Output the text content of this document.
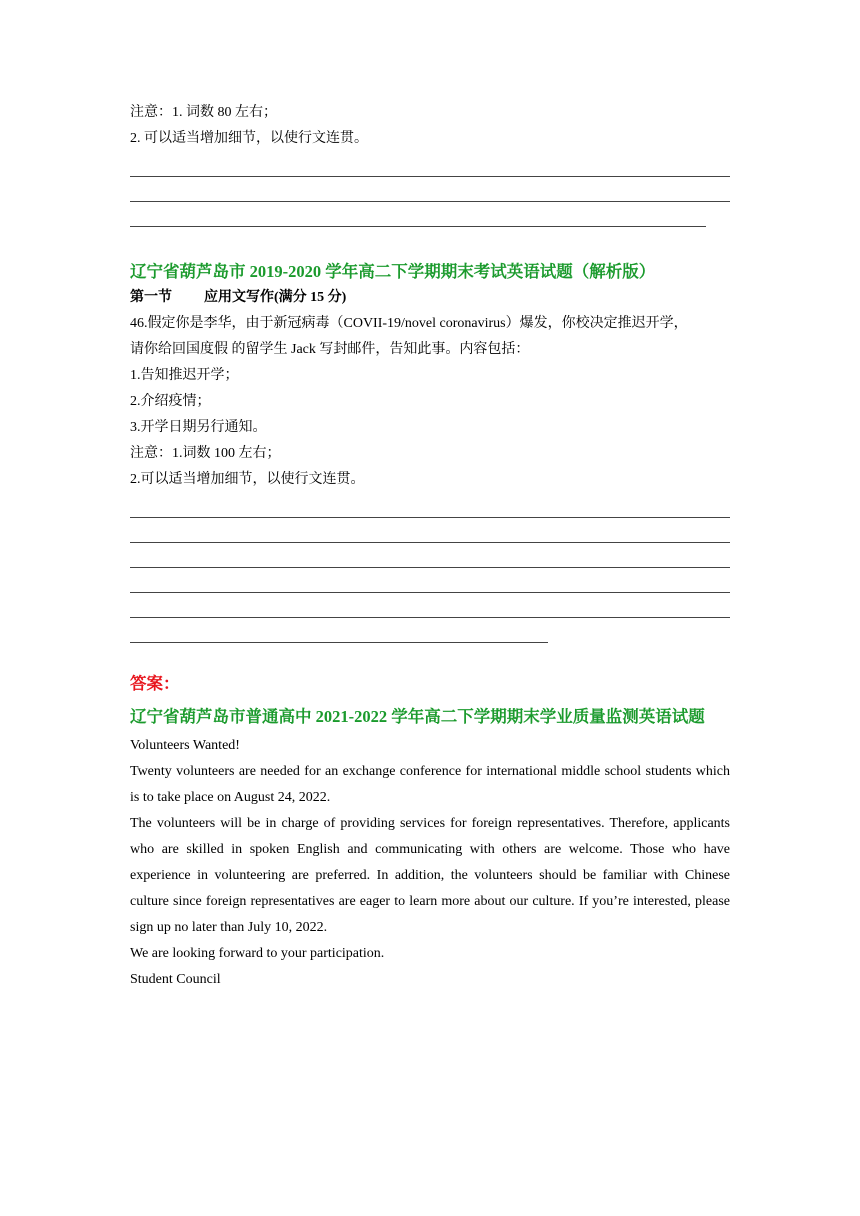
注意：1. 词数 80 左右；
2. 可以适当增加细节，以使行文连贯。
辽宁省葫芦岛市 2019-2020 学年高二下学期期末考试英语试题（解析版）
第一节 应用文写作(满分 15 分)
46.假定你是李华，由于新冠病毒（COVII-19/novel coronavirus）爆发，你校决定推迟开学，
请你给回国度假 的留学生 Jack 写封邮件，告知此事。内容包括：
1.告知推迟开学；
2.介绍疫情；
3.开学日期另行通知。
注意：1.词数 100 左右；
2.可以适当增加细节，以使行文连贯。
答案：
辽宁省葫芦岛市普通高中 2021-2022 学年高二下学期期末学业质量监测英语试题
Volunteers Wanted!
Twenty volunteers are needed for an exchange conference for international middle school students which is to take place on August 24, 2022.
The volunteers will be in charge of providing services for foreign representatives. Therefore, applicants who are skilled in spoken English and communicating with others are welcome. Those who have experience in volunteering are preferred. In addition, the volunteers should be familiar with Chinese culture since foreign representatives are eager to learn more about our culture. If you’re interested, please sign up no later than July 10, 2022.
We are looking forward to your participation.
Student Council
